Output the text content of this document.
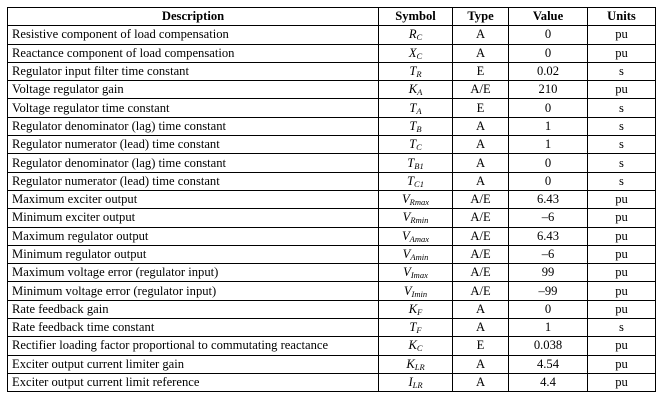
Description	Symbol	Type	Value	Units
Resistive component of load compensation	$R_C$	A	0	pu
Reactance component of load compensation	$X_C$	A	0	pu
Regulator input filter time constant	$T_R$	E	0.02	s
Voltage regulator gain	$K_A$	A/E	210	pu
Voltage regulator time constant	$T_A$	E	0	s
Regulator denominator (lag) time constant	$T_B$	A	1	s
Regulator numerator (lead) time constant	$T_C$	A	1	s
Regulator denominator (lag) time constant	$T_{B1}$	A	0	s
Regulator numerator (lead) time constant	$T_{C1}$	A	0	s
Maximum exciter output	$V_{Rmax}$	A/E	6.43	pu
Minimum exciter output	$V_{Rmin}$	A/E	–6	pu
Maximum regulator output	$V_{Amax}$	A/E	6.43	pu
Minimum regulator output	$V_{Amin}$	A/E	–6	pu
Maximum voltage error (regulator input)	$V_{Imax}$	A/E	99	pu
Minimum voltage error (regulator input)	$V_{Imin}$	A/E	–99	pu
Rate feedback gain	$K_F$	A	0	pu
Rate feedback time constant	$T_F$	A	1	s
Rectifier loading factor proportional to commutating reactance	$K_C$	E	0.038	pu
Exciter output current limiter gain	$K_{LR}$	A	4.54	pu
Exciter output current limit reference	$I_{LR}$	A	4.4	pu
